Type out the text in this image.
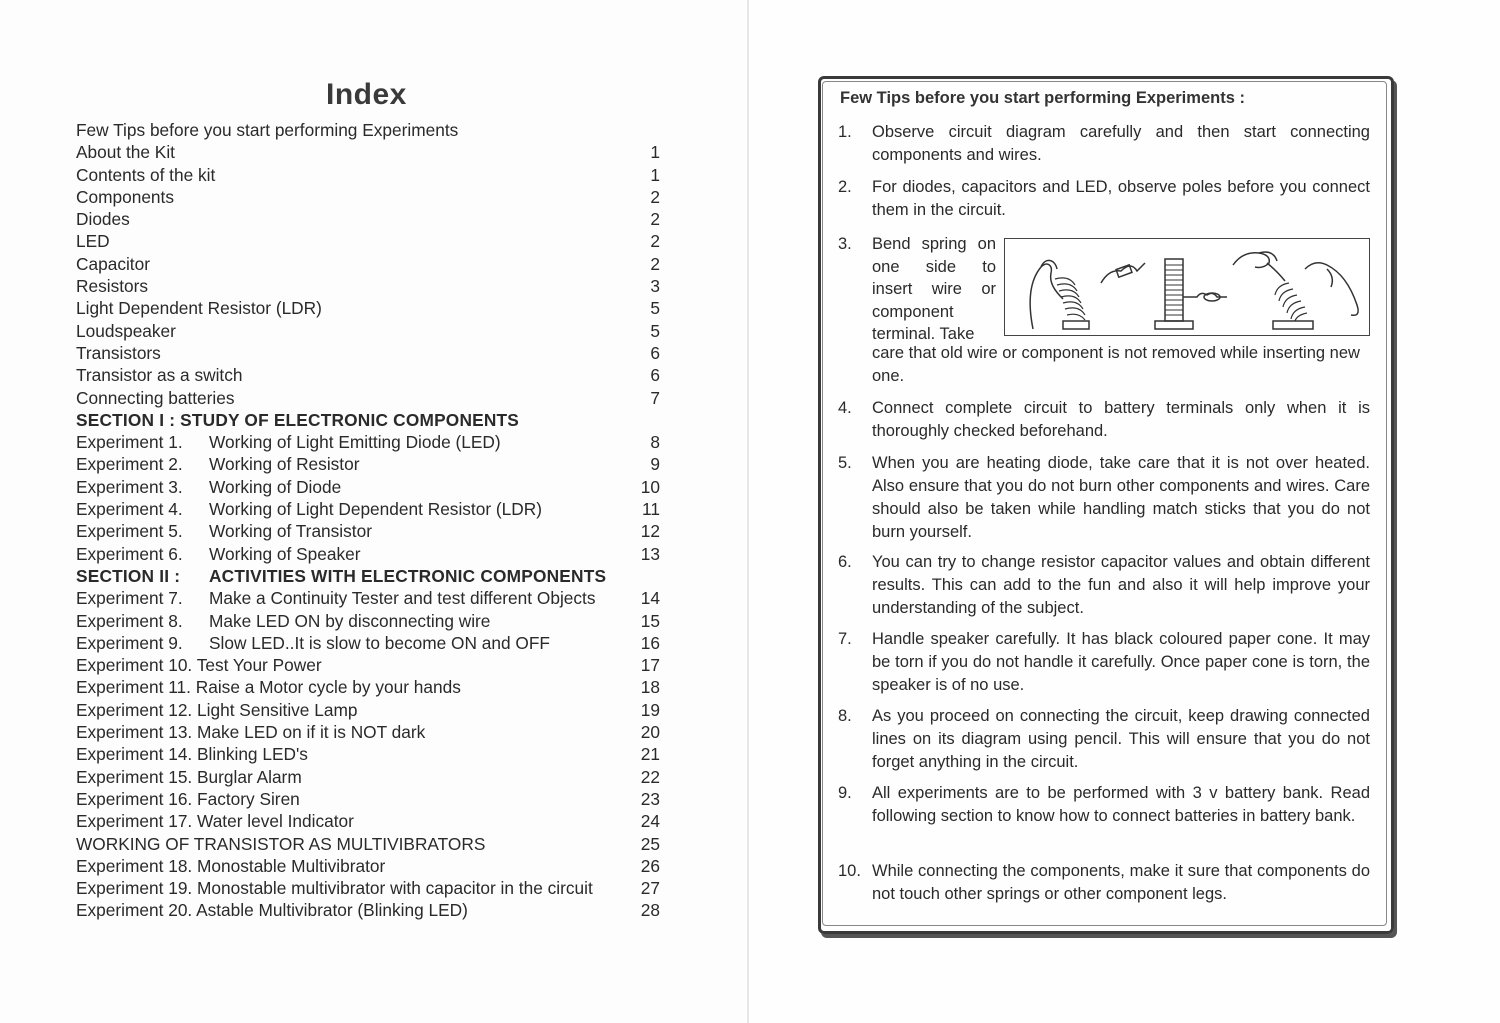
Index
Few Tips before you start performing Experiments
About the Kit	1
Contents of the kit	1
Components	2
Diodes	2
LED	2
Capacitor	2
Resistors	3
Light Dependent Resistor (LDR)	5
Loudspeaker	5
Transistors	6
Transistor as a switch	6
Connecting batteries	7
SECTION I : STUDY OF ELECTRONIC COMPONENTS
Experiment 1. Working of Light Emitting Diode (LED)	8
Experiment 2. Working of Resistor	9
Experiment 3. Working of Diode	10
Experiment 4. Working of Light Dependent Resistor (LDR)	11
Experiment 5. Working of Transistor	12
Experiment 6. Working of Speaker	13
SECTION II : ACTIVITIES WITH ELECTRONIC COMPONENTS
Experiment 7. Make a Continuity Tester and test different Objects	14
Experiment 8. Make LED ON by disconnecting wire	15
Experiment 9. Slow LED..It is slow to become ON and OFF	16
Experiment 10. Test Your Power	17
Experiment 11. Raise a Motor cycle by your hands	18
Experiment 12. Light Sensitive Lamp	19
Experiment 13. Make LED on if it is NOT dark	20
Experiment 14. Blinking LED's	21
Experiment 15. Burglar Alarm	22
Experiment 16. Factory Siren	23
Experiment 17. Water level Indicator	24
WORKING OF TRANSISTOR AS MULTIVIBRATORS	25
Experiment 18. Monostable Multivibrator	26
Experiment 19. Monostable multivibrator with capacitor in the circuit	27
Experiment 20. Astable Multivibrator (Blinking LED)	28
Few Tips before you start performing Experiments :
1.	Observe circuit diagram carefully and then start connecting components and wires.
2.	For diodes, capacitors and LED, observe poles before you connect them in the circuit.
3.	Bend spring on one side to insert wire or component terminal. Take
care that old wire or component is not removed while inserting new one.
4.	Connect complete circuit to battery terminals only when it is thoroughly checked beforehand.
5.	When you are heating diode, take care that it is not over heated. Also ensure that you do not burn other components and wires. Care should also be taken while handling match sticks that you do not burn yourself.
6.	You can try to change resistor capacitor values and obtain different results. This can add to the fun and also it will help improve your understanding of the subject.
7.	Handle speaker carefully. It has black coloured paper cone. It may be torn if you do not handle it carefully. Once paper cone is torn, the speaker is of no use.
8.	As you proceed on connecting the circuit, keep drawing connected lines on its diagram using pencil. This will ensure that you do not forget anything in the circuit.
9.	All experiments are to be performed with 3 v battery bank. Read following section to know how to connect batteries in battery bank.
10. While connecting the components, make it sure that components do not touch other springs or other component legs.
